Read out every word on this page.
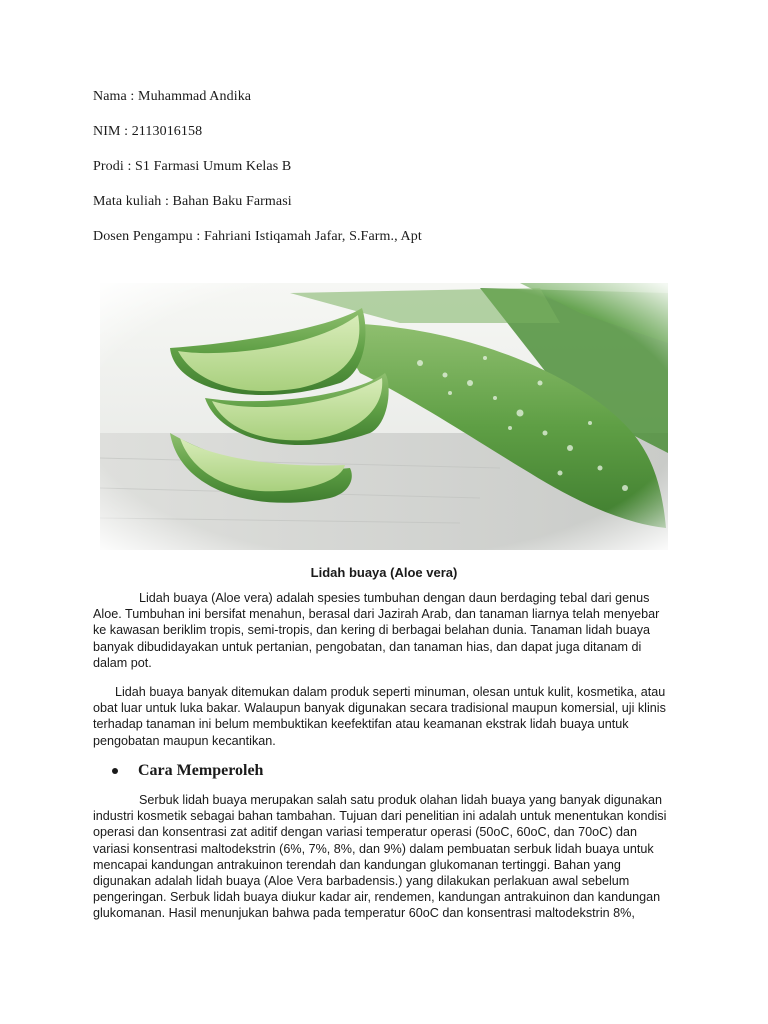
Nama : Muhammad Andika
NIM : 2113016158
Prodi : S1 Farmasi Umum Kelas B
Mata kuliah : Bahan Baku Farmasi
Dosen Pengampu : Fahriani Istiqamah Jafar, S.Farm., Apt
Lidah buaya (Aloe vera)

Lidah buaya (Aloe vera) adalah spesies tumbuhan dengan daun berdaging tebal dari genus Aloe. Tumbuhan ini bersifat menahun, berasal dari Jazirah Arab, dan tanaman liarnya telah menyebar ke kawasan beriklim tropis, semi-tropis, dan kering di berbagai belahan dunia. Tanaman lidah buaya banyak dibudidayakan untuk pertanian, pengobatan, dan tanaman hias, dan dapat juga ditanam di dalam pot.

Lidah buaya banyak ditemukan dalam produk seperti minuman, olesan untuk kulit, kosmetika, atau obat luar untuk luka bakar. Walaupun banyak digunakan secara tradisional maupun komersial, uji klinis terhadap tanaman ini belum membuktikan keefektifan atau keamanan ekstrak lidah buaya untuk pengobatan maupun kecantikan.

Cara Memperoleh

Serbuk lidah buaya merupakan salah satu produk olahan lidah buaya yang banyak digunakan industri kosmetik sebagai bahan tambahan. Tujuan dari penelitian ini adalah untuk menentukan kondisi operasi dan konsentrasi zat aditif dengan variasi temperatur operasi (50oC, 60oC, dan 70oC) dan variasi konsentrasi maltodekstrin (6%, 7%, 8%, dan 9%) dalam pembuatan serbuk lidah buaya untuk mencapai kandungan antrakuinon terendah dan kandungan glukomanan tertinggi. Bahan yang digunakan adalah lidah buaya (Aloe Vera barbadensis.) yang dilakukan perlakuan awal sebelum pengeringan. Serbuk lidah buaya diukur kadar air, rendemen, kandungan antrakuinon dan kandungan glukomanan. Hasil menunjukan bahwa pada temperatur 60oC dan konsentrasi maltodekstrin 8%,
